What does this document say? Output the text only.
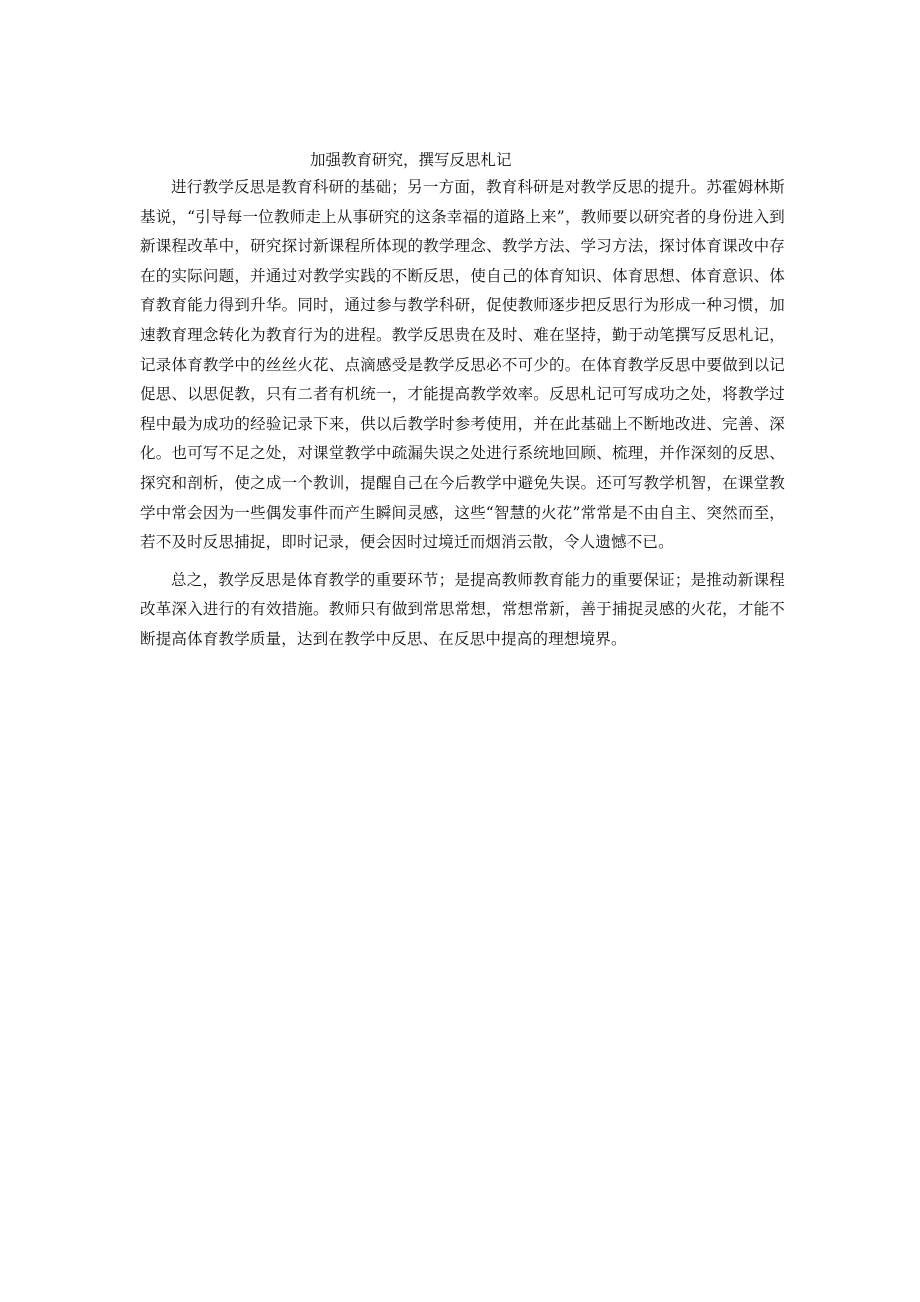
加强教育研究，撰写反思札记

进行教学反思是教育科研的基础；另一方面，教育科研是对教学反思的提升。苏霍姆林斯基说，“引导每一位教师走上从事研究的这条幸福的道路上来”，教师要以研究者的身份进入到新课程改革中，研究探讨新课程所体现的教学理念、教学方法、学习方法，探讨体育课改中存在的实际问题，并通过对教学实践的不断反思，使自己的体育知识、体育思想、体育意识、体育教育能力得到升华。同时，通过参与教学科研，促使教师逐步把反思行为形成一种习惯，加速教育理念转化为教育行为的进程。教学反思贵在及时、难在坚持，勤于动笔撰写反思札记，记录体育教学中的丝丝火花、点滴感受是教学反思必不可少的。在体育教学反思中要做到以记促思、以思促教，只有二者有机统一，才能提高教学效率。反思札记可写成功之处，将教学过程中最为成功的经验记录下来，供以后教学时参考使用，并在此基础上不断地改进、完善、深化。也可写不足之处，对课堂教学中疏漏失误之处进行系统地回顾、梳理，并作深刻的反思、探究和剖析，使之成一个教训，提醒自己在今后教学中避免失误。还可写教学机智，在课堂教学中常会因为一些偶发事件而产生瞬间灵感，这些“智慧的火花”常常是不由自主、突然而至，若不及时反思捕捉，即时记录，便会因时过境迁而烟消云散，令人遗憾不已。

总之，教学反思是体育教学的重要环节；是提高教师教育能力的重要保证；是推动新课程改革深入进行的有效措施。教师只有做到常思常想，常想常新，善于捕捉灵感的火花，才能不断提高体育教学质量，达到在教学中反思、在反思中提高的理想境界。
